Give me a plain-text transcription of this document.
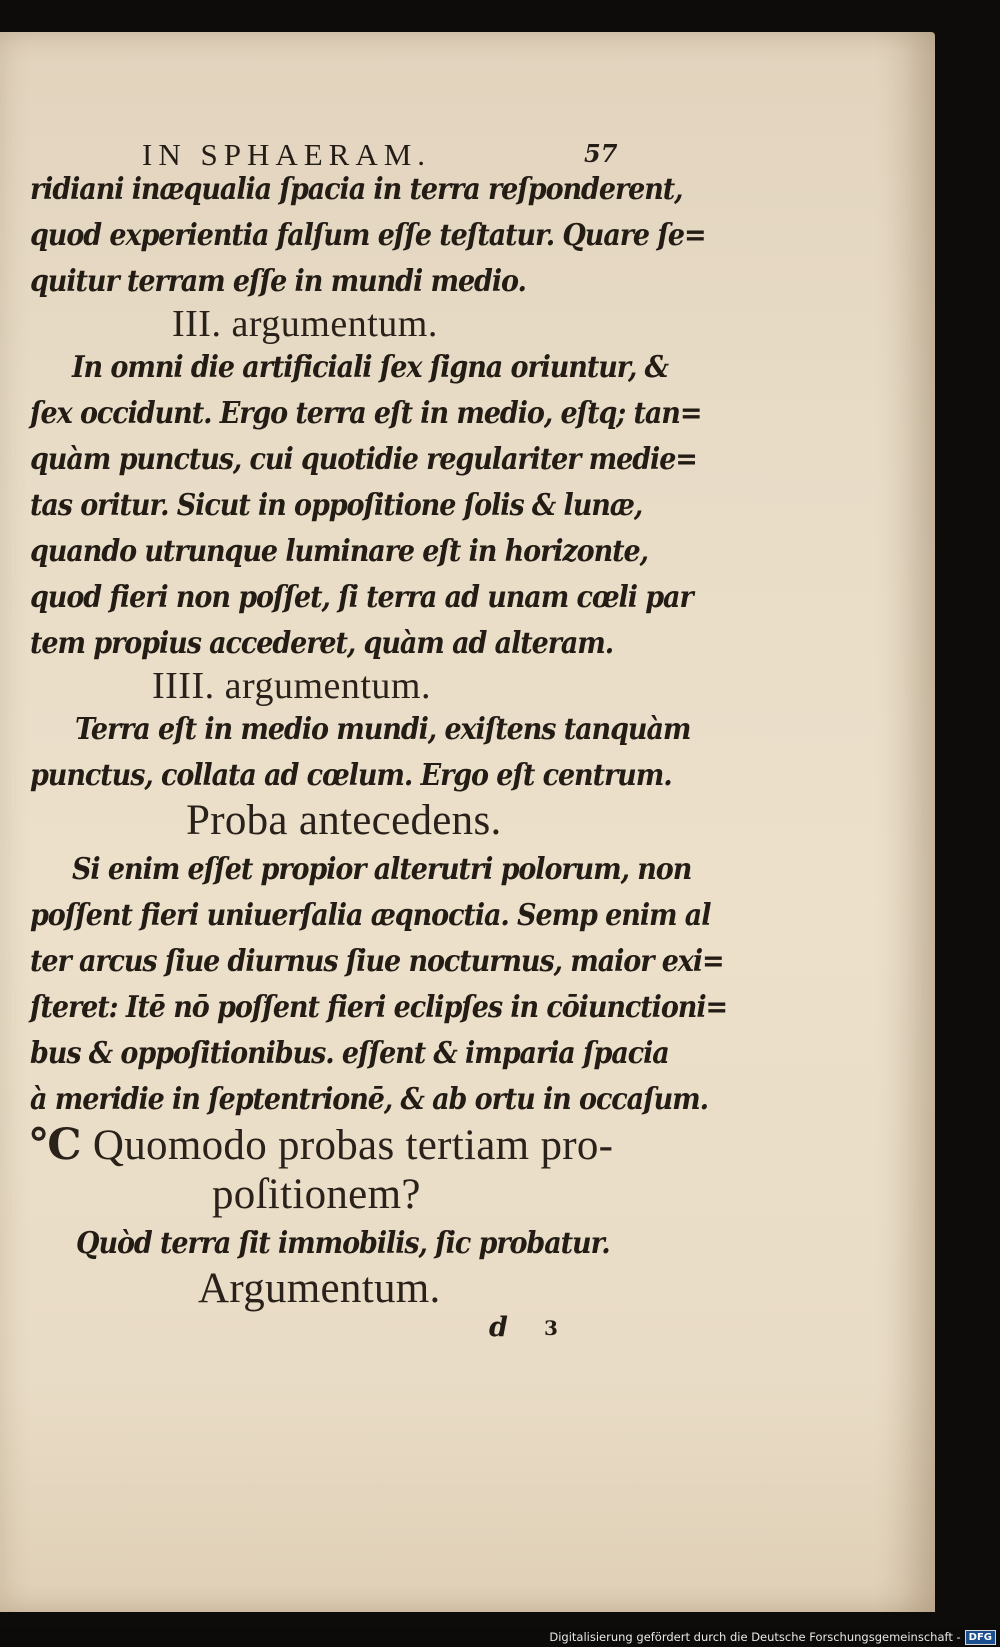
IN SPHAERAM.	57
ridiani inæqualia ſpacia in terra reſponderent,
quod experientia falſum eſſe teſtatur. Quare ſe=
quitur terram eſſe in mundi medio.
III. argumentum.
In omni die artificiali ſex ſigna oriuntur, &
ſex occidunt. Ergo terra eſt in medio, eſtq; tan=
quàm punctus, cui quotidie regulariter medie=
tas oritur. Sicut in oppoſitione ſolis & lunæ,
quando utrunque luminare eſt in horizonte,
quod fieri non poſſet, ſi terra ad unam cœli par
tem propius accederet, quàm ad alteram.
IIII. argumentum.
Terra eſt in medio mundi, exiſtens tanquàm
punctus, collata ad cœlum. Ergo eſt centrum.
Proba antecedens.
Si enim eſſet propior alterutri polorum, non
poſſent fieri uniuerſalia æqnoctia. Semp enim al
ter arcus ſiue diurnus ſiue nocturnus, maior exi=
ſteret: Itē nō poſſent fieri eclipſes in cōiunctioni=
bus & oppoſitionibus. eſſent & imparia ſpacia
à meridie in ſeptentrionē, & ab ortu in occaſum.
℃ Quomodo probas tertiam pro-
poſitionem?
Quòd terra ſit immobilis, ſic probatur.
Argumentum.
d 3
Digitalisierung gefördert durch die Deutsche Forschungsgemeinschaft - DFG
